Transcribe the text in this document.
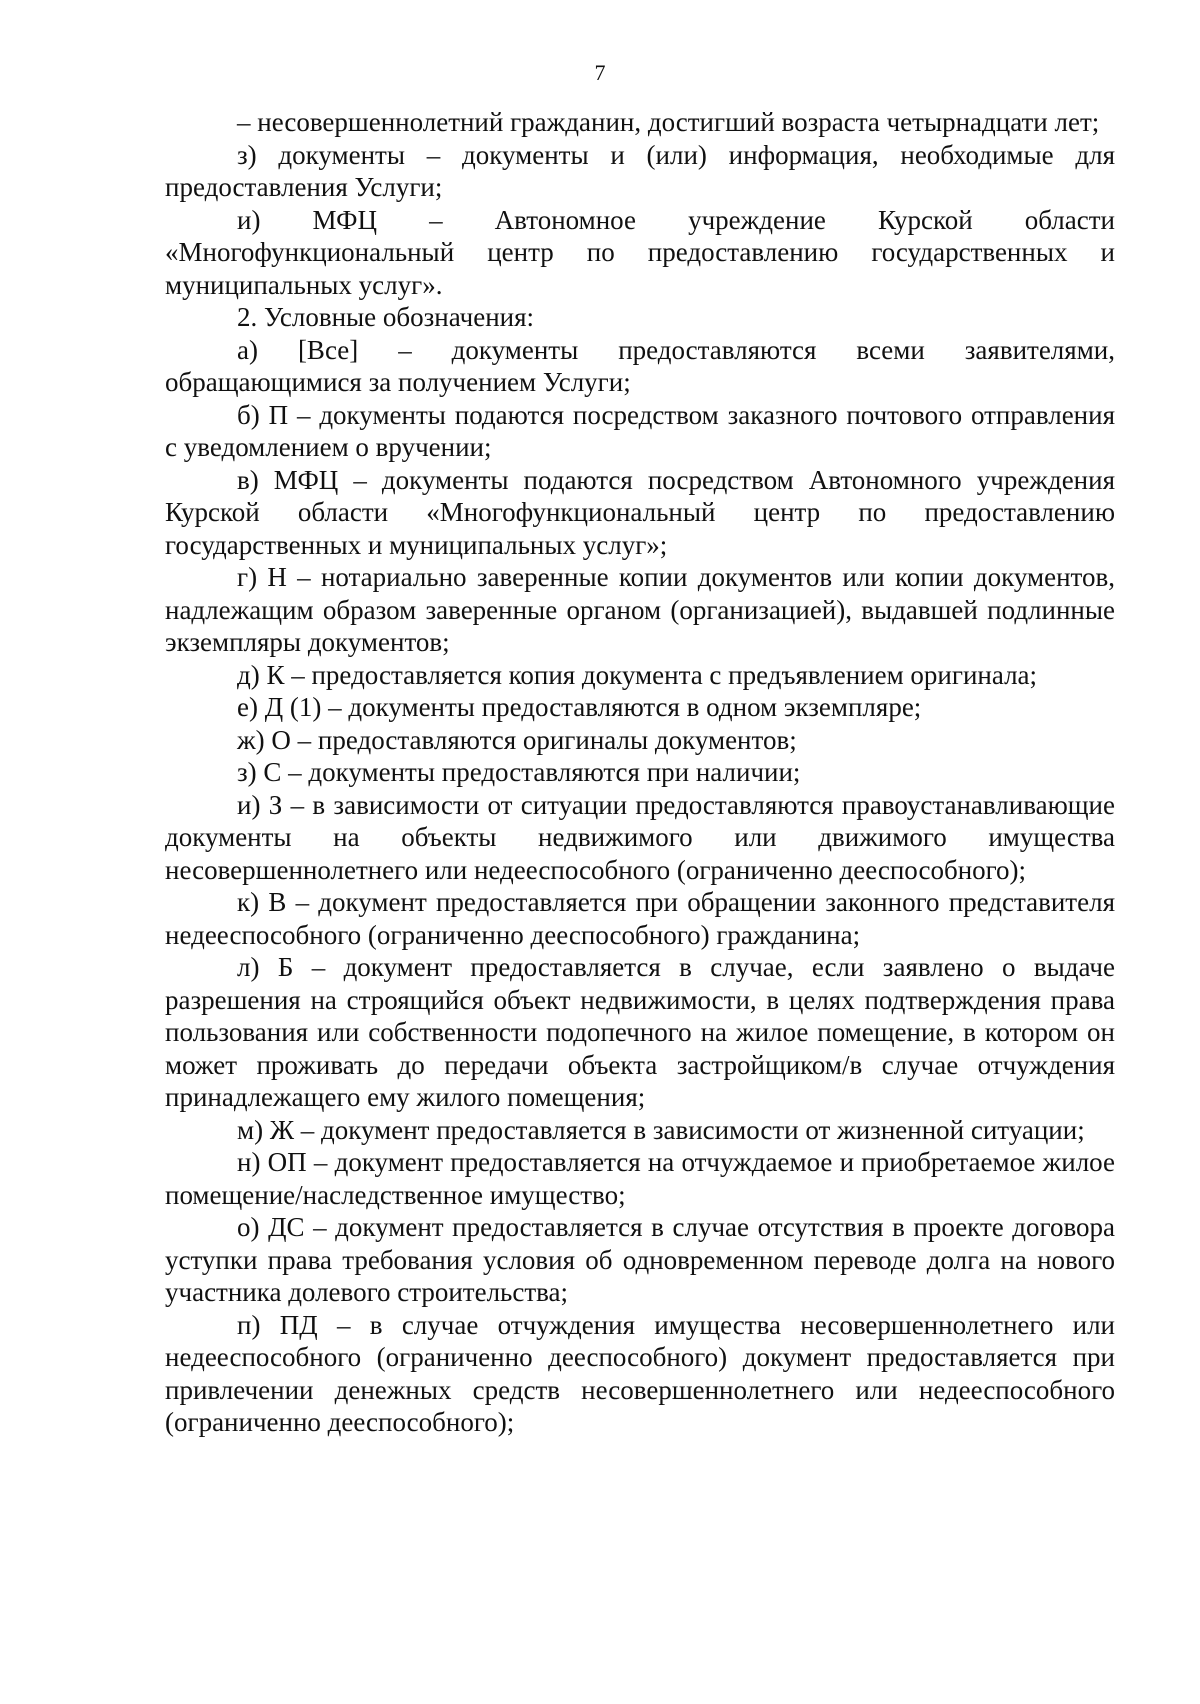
7

– несовершеннолетний гражданин, достигший возраста четырнадцати лет;

з) документы – документы и (или) информация, необходимые для предоставления Услуги;

и) МФЦ – Автономное учреждение Курской области «Многофункциональный центр по предоставлению государственных и муниципальных услуг».

2. Условные обозначения:

а) [Все] – документы предоставляются всеми заявителями, обращающимися за получением Услуги;

б) П – документы подаются посредством заказного почтового отправления с уведомлением о вручении;

в) МФЦ – документы подаются посредством Автономного учреждения Курской области «Многофункциональный центр по предоставлению государственных и муниципальных услуг»;

г) Н – нотариально заверенные копии документов или копии документов, надлежащим образом заверенные органом (организацией), выдавшей подлинные экземпляры документов;

д) К – предоставляется копия документа с предъявлением оригинала;

е) Д (1) – документы предоставляются в одном экземпляре;

ж) О – предоставляются оригиналы документов;

з) С – документы предоставляются при наличии;

и) З – в зависимости от ситуации предоставляются правоустанавливающие документы на объекты недвижимого или движимого имущества несовершеннолетнего или недееспособного (ограниченно дееспособного);

к) В – документ предоставляется при обращении законного представителя недееспособного (ограниченно дееспособного) гражданина;

л) Б – документ предоставляется в случае, если заявлено о выдаче разрешения на строящийся объект недвижимости, в целях подтверждения права пользования или собственности подопечного на жилое помещение, в котором он может проживать до передачи объекта застройщиком/в случае отчуждения принадлежащего ему жилого помещения;

м) Ж – документ предоставляется в зависимости от жизненной ситуации;

н) ОП – документ предоставляется на отчуждаемое и приобретаемое жилое помещение/наследственное имущество;

о) ДС – документ предоставляется в случае отсутствия в проекте договора уступки права требования условия об одновременном переводе долга на нового участника долевого строительства;

п) ПД – в случае отчуждения имущества несовершеннолетнего или недееспособного (ограниченно дееспособного) документ предоставляется при привлечении денежных средств несовершеннолетнего или недееспособного (ограниченно дееспособного);
